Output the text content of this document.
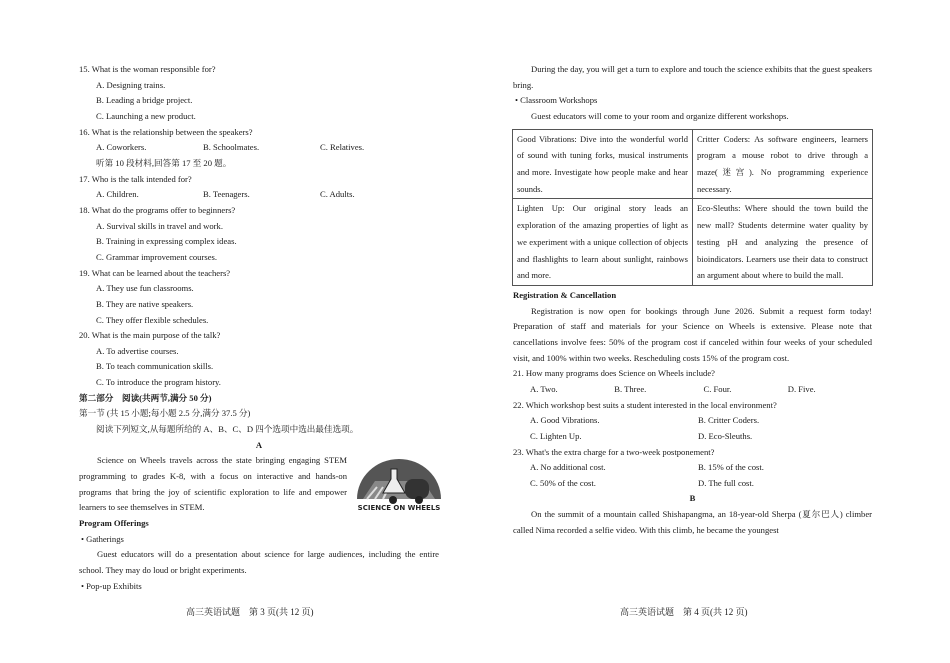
15. What is the woman responsible for?
A. Designing trains.
B. Leading a bridge project.
C. Launching a new product.
16. What is the relationship between the speakers?
A. Coworkers.	B. Schoolmates.	C. Relatives.
听第 10 段材料,回答第 17 至 20 题。
17. Who is the talk intended for?
A. Children.	B. Teenagers.	C. Adults.
18. What do the programs offer to beginners?
A. Survival skills in travel and work.
B. Training in expressing complex ideas.
C. Grammar improvement courses.
19. What can be learned about the teachers?
A. They use fun classrooms.
B. They are native speakers.
C. They offer flexible schedules.
20. What is the main purpose of the talk?
A. To advertise courses.
B. To teach communication skills.
C. To introduce the program history.
第二部分　阅读(共两节,满分 50 分)
第一节 (共 15 小题;每小题 2.5 分,满分 37.5 分)
阅读下列短文,从每题所给的 A、B、C、D 四个选项中选出最佳选项。
A
SCIENCE ON WHEELS
Science on Wheels travels across the state bringing engaging STEM programming to grades K-8, with a focus on interactive and hands-on programs that bring the joy of scientific exploration to life and empower learners to see themselves in STEM.
Program Offerings
• Gatherings
Guest educators will do a presentation about science for large audiences, including the entire school. They may do loud or bright experiments.
• Pop-up Exhibits
During the day, you will get a turn to explore and touch the science exhibits that the guest speakers bring.
• Classroom Workshops
Guest educators will come to your room and organize different workshops.
Good Vibrations: Dive into the wonderful world of sound with tuning forks, musical instruments and more. Investigate how people make and hear sounds.	Critter Coders: As software engineers, learners program a mouse robot to drive through a maze(迷宫). No programming experience necessary.
Lighten Up: Our original story leads an exploration of the amazing properties of light as we experiment with a unique collection of objects and flashlights to learn about sunlight, rainbows and more.	Eco-Sleuths: Where should the town build the new mall? Students determine water quality by testing pH and analyzing the presence of bioindicators. Learners use their data to construct an argument about where to build the mall.
Registration & Cancellation
Registration is now open for bookings through June 2026. Submit a request form today! Preparation of staff and materials for your Science on Wheels is extensive. Please note that cancellations involve fees: 50% of the program cost if canceled within four weeks of your scheduled visit, and 100% within two weeks. Rescheduling costs 15% of the program cost.
21. How many programs does Science on Wheels include?
A. Two.	B. Three.	C. Four.	D. Five.
22. Which workshop best suits a student interested in the local environment?
A. Good Vibrations.	B. Critter Coders.
C. Lighten Up.	D. Eco-Sleuths.
23. What's the extra charge for a two-week postponement?
A. No additional cost.	B. 15% of the cost.
C. 50% of the cost.	D. The full cost.
B
On the summit of a mountain called Shishapangma, an 18-year-old Sherpa (夏尔巴人) climber called Nima recorded a selfie video. With this climb, he became the youngest
高三英语试题　第 3 页(共 12 页)	高三英语试题　第 4 页(共 12 页)
